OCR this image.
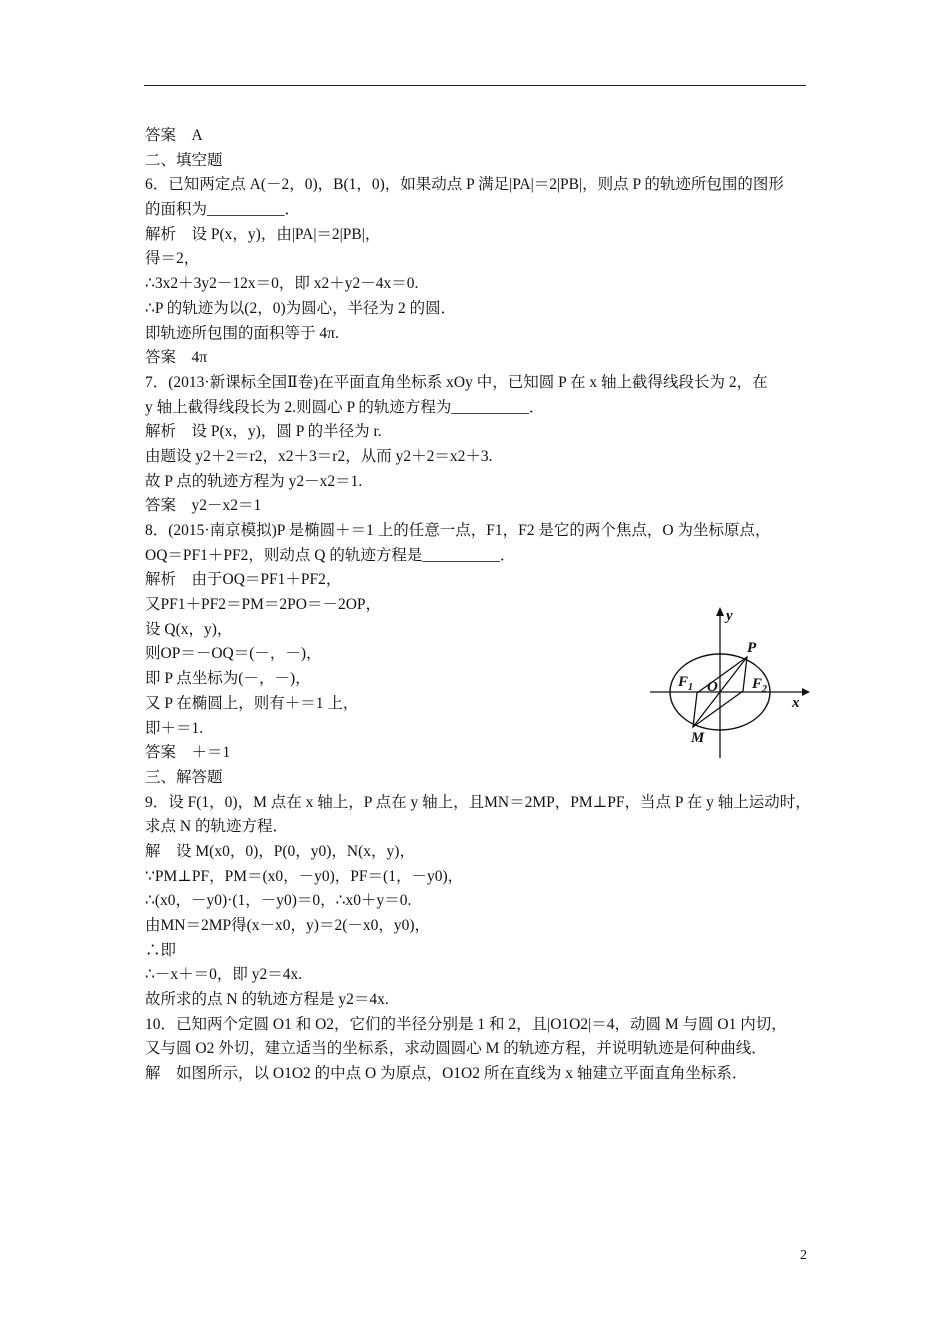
答案　A
二、填空题
6．已知两定点 A(－2，0)，B(1，0)，如果动点 P 满足|PA|＝2|PB|，则点 P 的轨迹所包围的图形
的面积为__________．
解析　设 P(x，y)，由|PA|＝2|PB|，
得＝2，
∴3x2＋3y2－12x＝0，即 x2＋y2－4x＝0.
∴P 的轨迹为以(2，0)为圆心，半径为 2 的圆．
即轨迹所包围的面积等于 4π.
答案　4π
7．(2013·新课标全国Ⅱ卷)在平面直角坐标系 xOy 中，已知圆 P 在 x 轴上截得线段长为 2，在
y 轴上截得线段长为 2.则圆心 P 的轨迹方程为__________．
解析　设 P(x，y)，圆 P 的半径为 r.
由题设 y2＋2＝r2，x2＋3＝r2，从而 y2＋2＝x2＋3.
故 P 点的轨迹方程为 y2－x2＝1.
答案　y2－x2＝1
8．(2015·南京模拟)P 是椭圆＋＝1 上的任意一点，F1，F2 是它的两个焦点，O 为坐标原点，
OQ＝PF1＋PF2，则动点 Q 的轨迹方程是__________．
解析　由于OQ＝PF1＋PF2，
又PF1＋PF2＝PM＝2PO＝－2OP，
设 Q(x，y)，
则OP＝－OQ＝(－，－)，
即 P 点坐标为(－，－)，
又 P 在椭圆上，则有＋＝1 上，
即＋＝1.
答案　＋＝1
三、解答题
9．设 F(1，0)，M 点在 x 轴上，P 点在 y 轴上，且MN＝2MP，PM⊥PF，当点 P 在 y 轴上运动时，
求点 N 的轨迹方程．
解　设 M(x0，0)，P(0，y0)，N(x，y)，
∵PM⊥PF，PM＝(x0，－y0)，PF＝(1，－y0)，
∴(x0，－y0)·(1，－y0)＝0，∴x0＋y＝0.
由MN＝2MP得(x－x0，y)＝2(－x0，y0)，
∴即
∴－x＋＝0，即 y2＝4x.
故所求的点 N 的轨迹方程是 y2＝4x.
10．已知两个定圆 O1 和 O2，它们的半径分别是 1 和 2，且|O1O2|＝4，动圆 M 与圆 O1 内切，
又与圆 O2 外切，建立适当的坐标系，求动圆圆心 M 的轨迹方程，并说明轨迹是何种曲线．
解　如图所示，以 O1O2 的中点 O 为原点，O1O2 所在直线为 x 轴建立平面直角坐标系．
y
x
P
F 1 O F 2
M
2
